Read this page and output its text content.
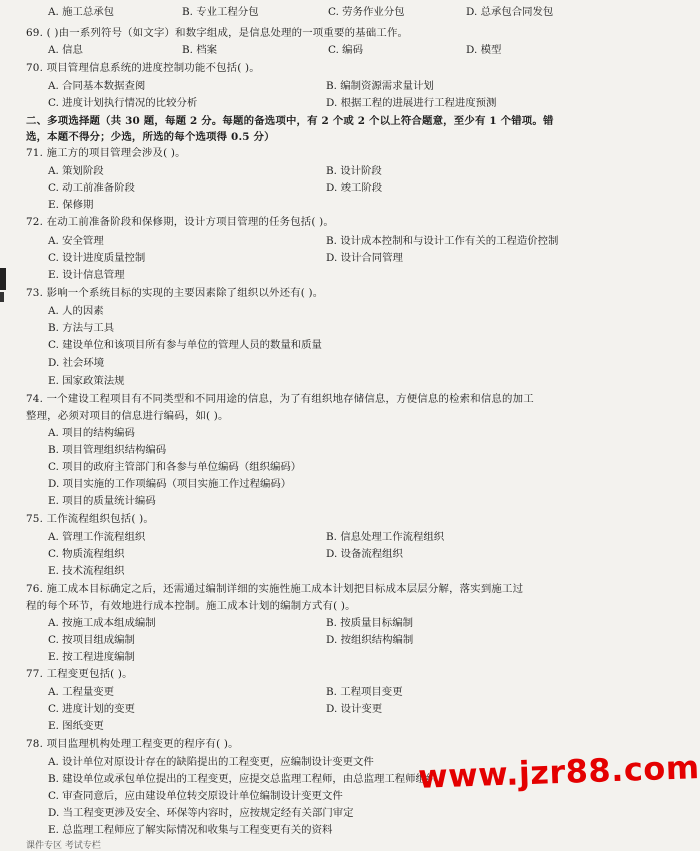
A. 施工总承包	B. 专业工程分包	C. 劳务作业分包	D. 总承包合同发包
69. ( )由一系列符号（如文字）和数字组成，是信息处理的一项重要的基础工作。
A. 信息	B. 档案	C. 编码	D. 模型
70. 项目管理信息系统的进度控制功能不包括( )。
A. 合同基本数据查阅	B. 编制资源需求量计划
C. 进度计划执行情况的比较分析	D. 根据工程的进展进行工程进度预测
二、多项选择题（共 30 题，每题 2 分。每题的备选项中，有 2 个或 2 个以上符合题意，至少有 1 个错项。错
选，本题不得分；少选，所选的每个选项得 0.5 分）
71. 施工方的项目管理会涉及( )。
A. 策划阶段	B. 设计阶段
C. 动工前准备阶段	D. 竣工阶段
E. 保修期
72. 在动工前准备阶段和保修期，设计方项目管理的任务包括( )。
A. 安全管理	B. 设计成本控制和与设计工作有关的工程造价控制
C. 设计进度质量控制	D. 设计合同管理
E. 设计信息管理
73. 影响一个系统目标的实现的主要因素除了组织以外还有( )。
A. 人的因素
B. 方法与工具
C. 建设单位和该项目所有参与单位的管理人员的数量和质量
D. 社会环境
E. 国家政策法规
74. 一个建设工程项目有不同类型和不同用途的信息，为了有组织地存储信息，方便信息的检索和信息的加工
整理，必须对项目的信息进行编码，如( )。
A. 项目的结构编码
B. 项目管理组织结构编码
C. 项目的政府主管部门和各参与单位编码（组织编码）
D. 项目实施的工作项编码（项目实施工作过程编码）
E. 项目的质量统计编码
75. 工作流程组织包括( )。
A. 管理工作流程组织	B. 信息处理工作流程组织
C. 物质流程组织	D. 设备流程组织
E. 技术流程组织
76. 施工成本目标确定之后，还需通过编制详细的实施性施工成本计划把目标成本层层分解，落实到施工过
程的每个环节，有效地进行成本控制。施工成本计划的编制方式有( )。
A. 按施工成本组成编制	B. 按质量目标编制
C. 按项目组成编制	D. 按组织结构编制
E. 按工程进度编制
77. 工程变更包括( )。
A. 工程量变更	B. 工程项目变更
C. 进度计划的变更	D. 设计变更
E. 图纸变更
78. 项目监理机构处理工程变更的程序有( )。
A. 设计单位对原设计存在的缺陷提出的工程变更，应编制设计变更文件
B. 建设单位或承包单位提出的工程变更，应提交总监理工程师，由总监理工程师组织
C. 审查同意后，应由建设单位转交原设计单位编制设计变更文件
D. 当工程变更涉及安全、环保等内容时，应按规定经有关部门审定
E. 总监理工程师应了解实际情况和收集与工程变更有关的资料
www.jzr88.com
课件专区 考试专栏
